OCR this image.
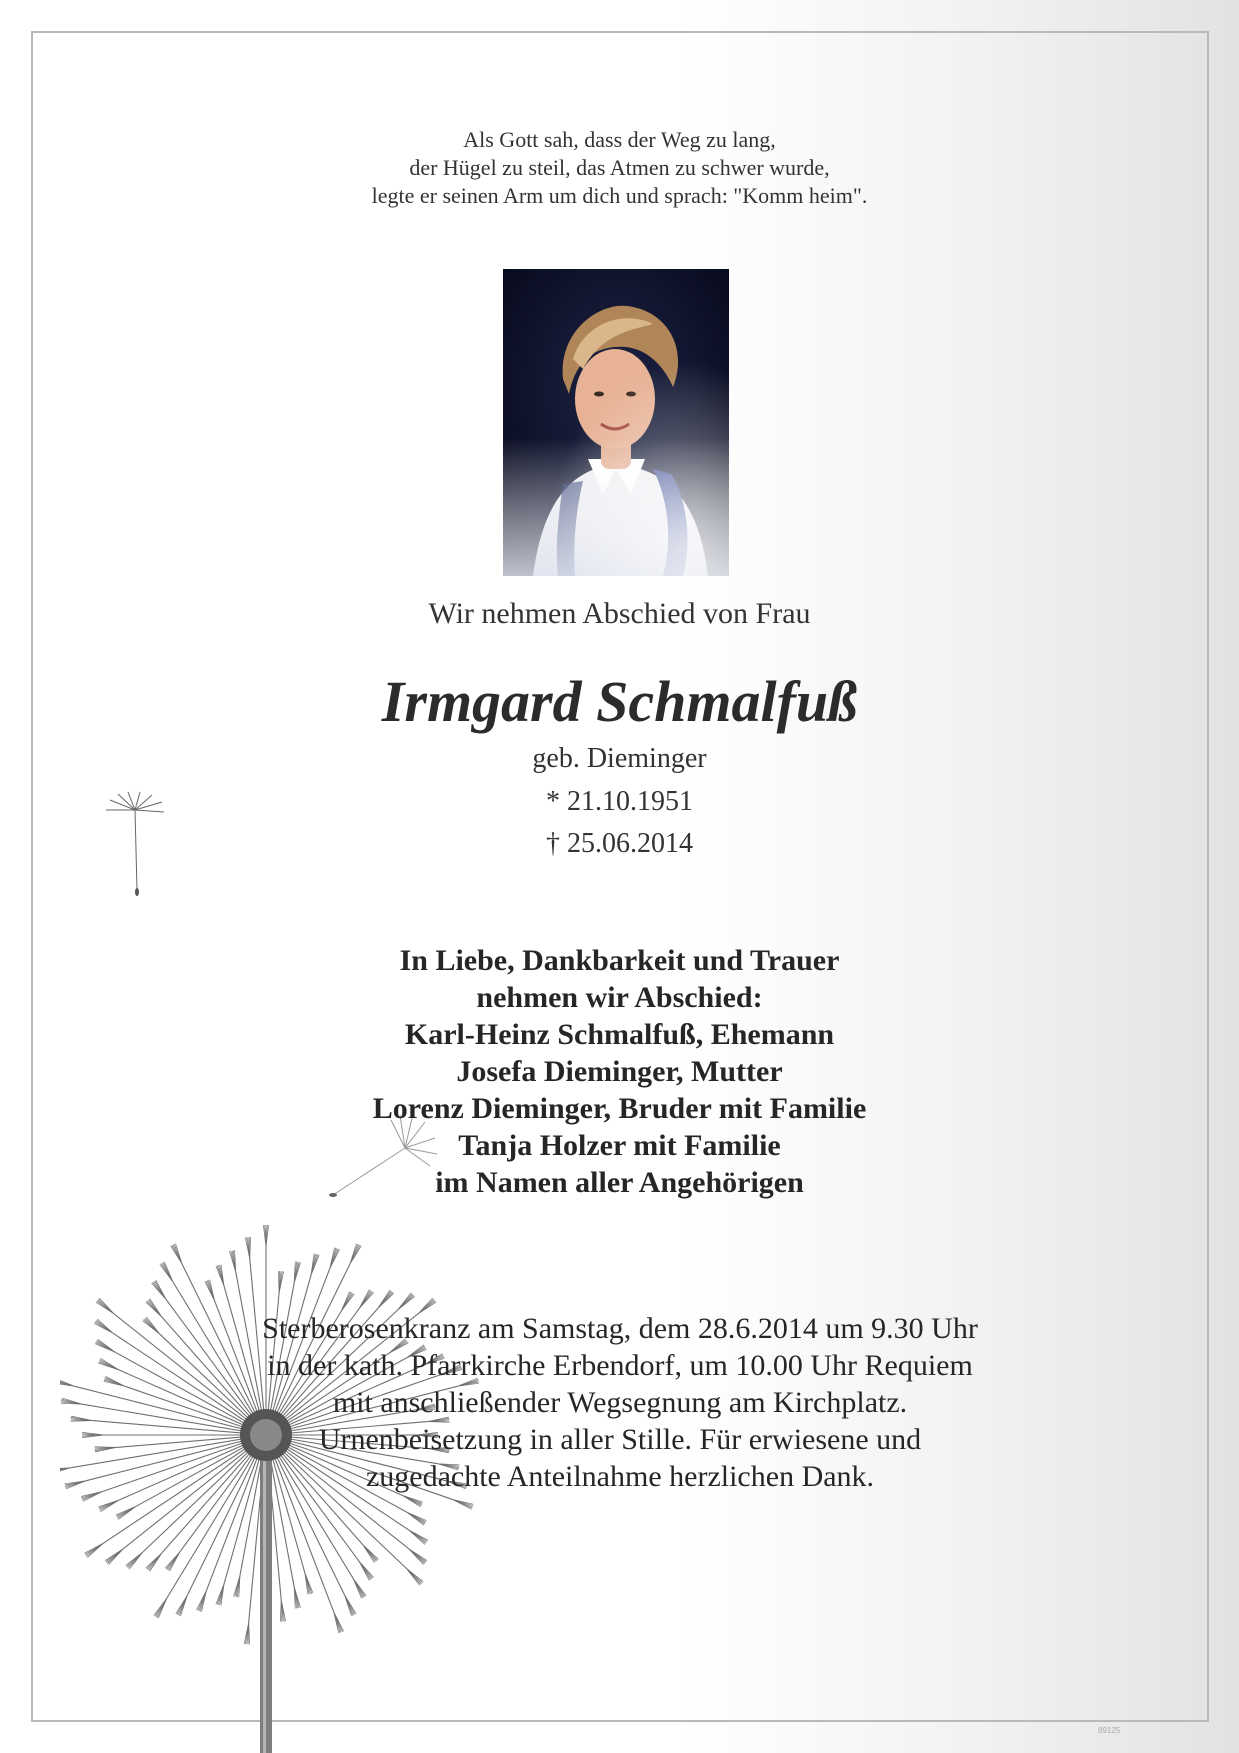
Als Gott sah, dass der Weg zu lang,
der Hügel zu steil, das Atmen zu schwer wurde,
legte er seinen Arm um dich und sprach: "Komm heim".
Wir nehmen Abschied von Frau
Irmgard Schmalfuß
geb. Dieminger
* 21.10.1951
† 25.06.2014
In Liebe, Dankbarkeit und Trauer
nehmen wir Abschied:
Karl-Heinz Schmalfuß, Ehemann
Josefa Dieminger, Mutter
Lorenz Dieminger, Bruder mit Familie
Tanja Holzer mit Familie
im Namen aller Angehörigen
Sterberosenkranz am Samstag, dem 28.6.2014 um 9.30 Uhr
in der kath. Pfarrkirche Erbendorf, um 10.00 Uhr Requiem
mit anschließender Wegsegnung am Kirchplatz.
Urnenbeisetzung in aller Stille. Für erwiesene und
zugedachte Anteilnahme herzlichen Dank.
89125
